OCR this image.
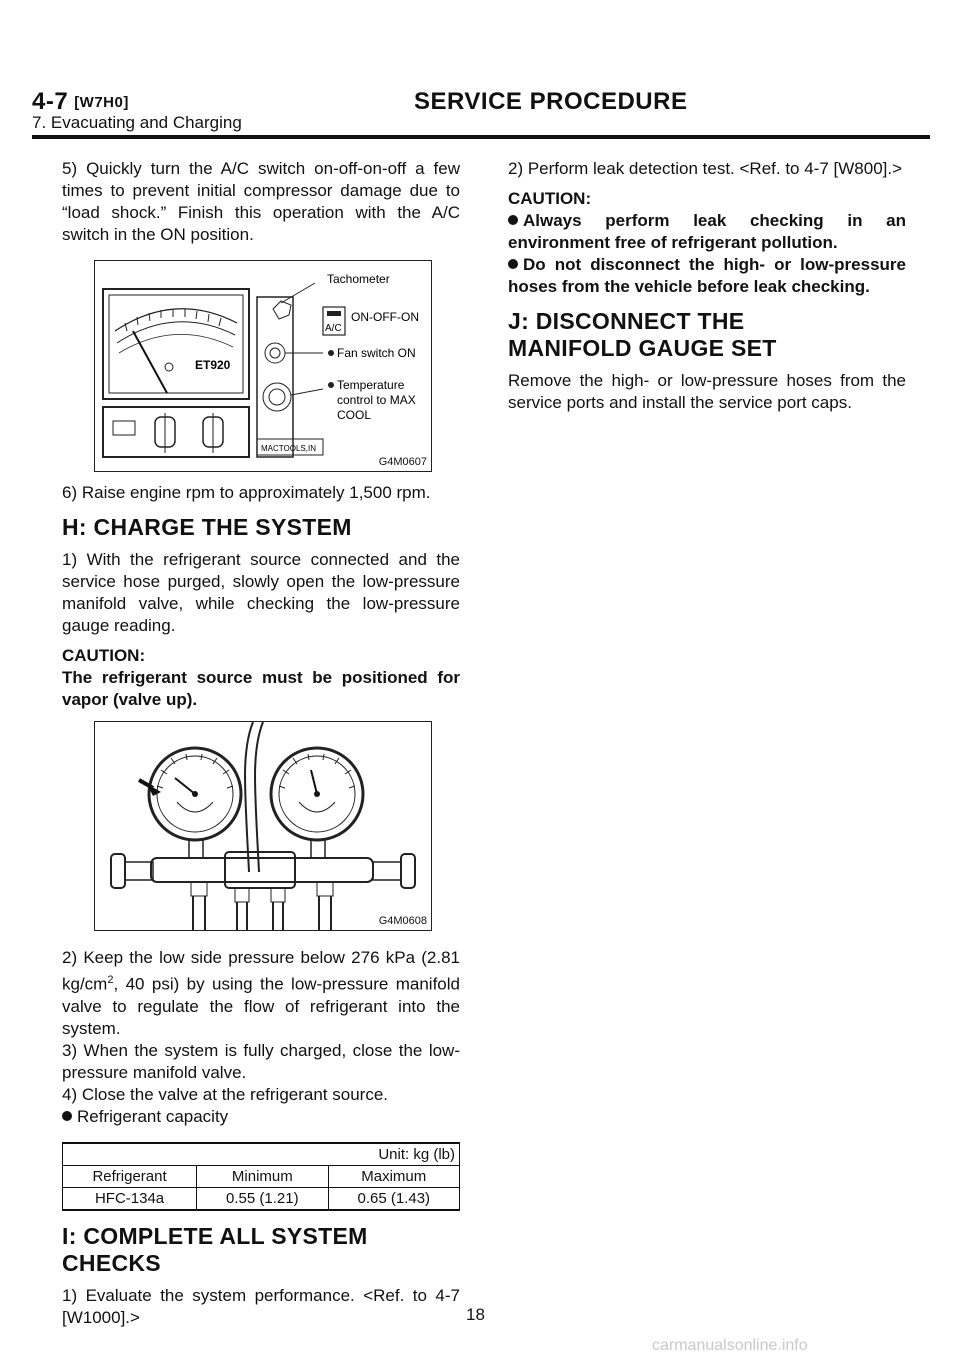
4-7 [W7H0]	SERVICE PROCEDURE
7. Evacuating and Charging

5) Quickly turn the A/C switch on-off-on-off a few times to prevent initial compressor damage due to “load shock.” Finish this operation with the A/C switch in the ON position.

ET920
MACTOOLS,IN
A/C
Tachometer
ON-OFF-ON
Fan switch ON
Temperature
control to MAX
COOL
G4M0607

6) Raise engine rpm to approximately 1,500 rpm.

H: CHARGE THE SYSTEM

1) With the refrigerant source connected and the service hose purged, slowly open the low-pressure manifold valve, while checking the low-pressure gauge reading.

CAUTION:

The refrigerant source must be positioned for vapor (valve up).

G4M0608

2) Keep the low side pressure below 276 kPa (2.81 $kg/cm^2$, 40 psi) by using the low-pressure manifold valve to regulate the flow of refrigerant into the system.

3) When the system is fully charged, close the low- pressure manifold valve.

4) Close the valve at the refrigerant source.

Refrigerant capacity

Unit: kg (lb)		
Refrigerant	Minimum	Maximum
HFC-134a	0.55 (1.21)	0.65 (1.43)
I: COMPLETE ALL SYSTEM CHECKS

1) Evaluate the system performance. <Ref. to 4-7 [W1000].>

2) Perform leak detection test. <Ref. to 4-7 [W800].>

CAUTION:

Always perform leak checking in an environment free of refrigerant pollution.

Do not disconnect the high- or low-pressure hoses from the vehicle before leak checking.

J: DISCONNECT THE MANIFOLD GAUGE SET

Remove the high- or low-pressure hoses from the service ports and install the service port caps.

18
carmanualsonline.info
